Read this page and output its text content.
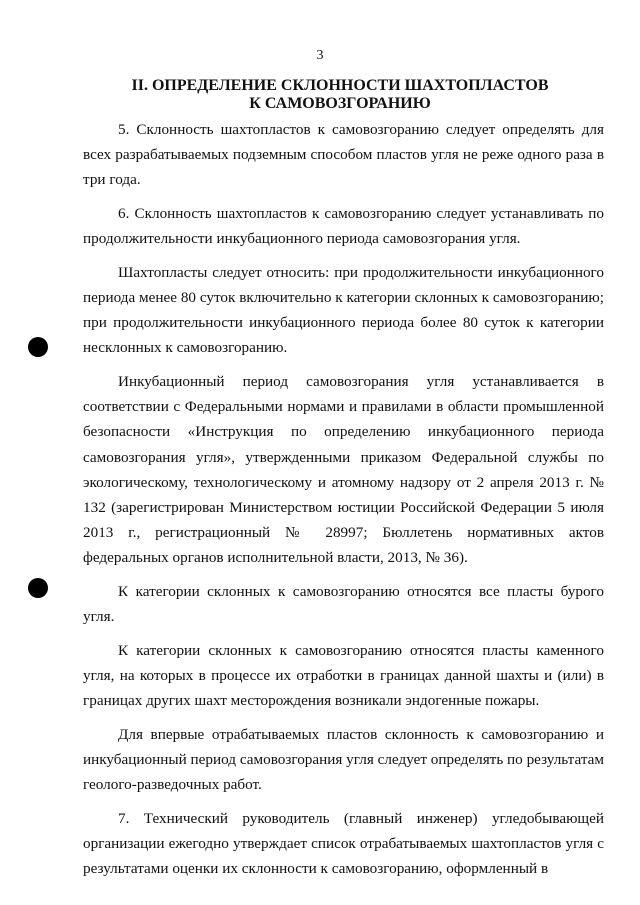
3
II. ОПРЕДЕЛЕНИЕ СКЛОННОСТИ ШАХТОПЛАСТОВ
К САМОВОЗГОРАНИЮ

5. Склонность шахтопластов к самовозгоранию следует определять для всех разрабатываемых подземным способом пластов угля не реже одного раза в три года.

6. Склонность шахтопластов к самовозгоранию следует устанавливать по продолжительности инкубационного периода самовозгорания угля.

Шахтопласты следует относить: при продолжительности инкубационного периода менее 80 суток включительно к категории склонных к самовозгоранию; при продолжительности инкубационного периода более 80 суток к категории несклонных к самовозгоранию.

Инкубационный период самовозгорания угля устанавливается в соответствии с Федеральными нормами и правилами в области промышленной безопасности «Инструкция по определению инкубационного периода самовозгорания угля», утвержденными приказом Федеральной службы по экологическому, технологическому и атомному надзору от 2 апреля 2013 г. № 132 (зарегистрирован Министерством юстиции Российской Федерации 5 июля 2013 г., регистрационный № 28997; Бюллетень нормативных актов федеральных органов исполнительной власти, 2013, № 36).

К категории склонных к самовозгоранию относятся все пласты бурого угля.

К категории склонных к самовозгоранию относятся пласты каменного угля, на которых в процессе их отработки в границах данной шахты и (или) в границах других шахт месторождения возникали эндогенные пожары.

Для впервые отрабатываемых пластов склонность к самовозгоранию и инкубационный период самовозгорания угля следует определять по результатам геолого-разведочных работ.

7. Технический руководитель (главный инженер) угледобывающей организации ежегодно утверждает список отрабатываемых шахтопластов угля с результатами оценки их склонности к самовозгоранию, оформленный в
